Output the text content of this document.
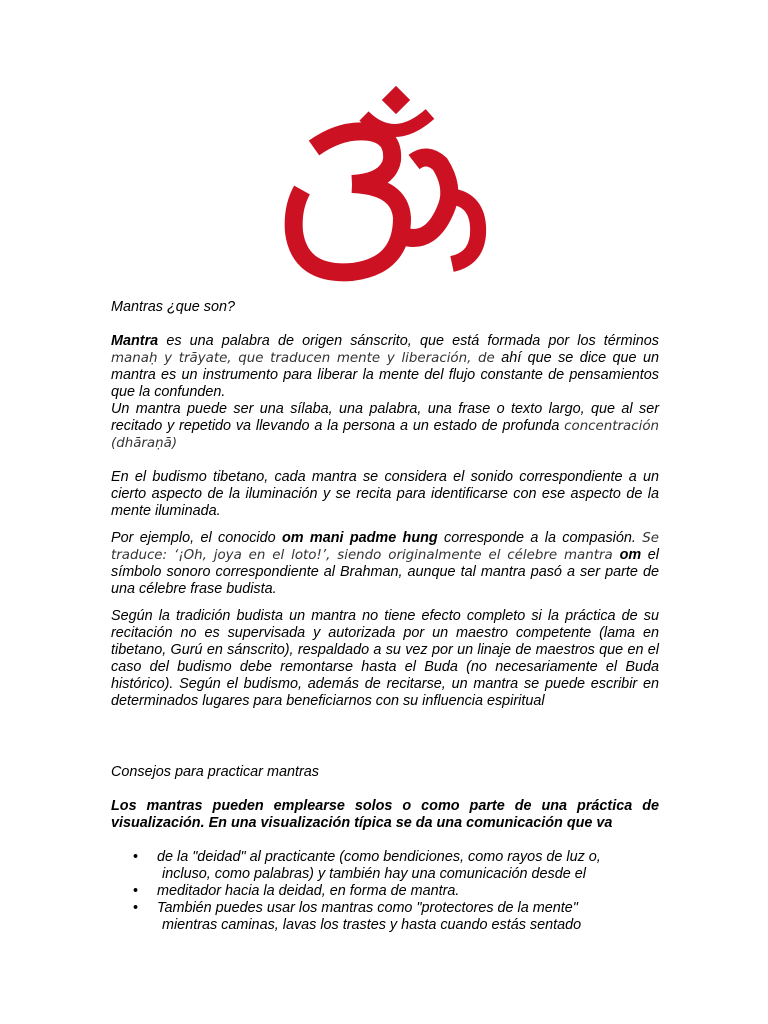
Mantras ¿que son?

Mantra es una palabra de origen sánscrito, que está formada por los términos manaḥ y trāyate, que traducen mente y liberación, de ahí que se dice que un mantra es un instrumento para liberar la mente del flujo constante de pensamientos que la confunden.

Un mantra puede ser una sílaba, una palabra, una frase o texto largo, que al ser recitado y repetido va llevando a la persona a un estado de profunda concentración (dhāraṇā)

En el budismo tibetano, cada mantra se considera el sonido correspondiente a un cierto aspecto de la iluminación y se recita para identificarse con ese aspecto de la mente iluminada.

Por ejemplo, el conocido om mani padme hung corresponde a la compasión. Se traduce: ‘¡Oh, joya en el loto!’, siendo originalmente el célebre mantra om el símbolo sonoro correspondiente al Brahman, aunque tal mantra pasó a ser parte de una célebre frase budista.

Según la tradición budista un mantra no tiene efecto completo si la práctica de su recitación no es supervisada y autorizada por un maestro competente (lama en tibetano, Gurú en sánscrito), respaldado a su vez por un linaje de maestros que en el caso del budismo debe remontarse hasta el Buda (no necesariamente el Buda histórico). Según el budismo, además de recitarse, un mantra se puede escribir en determinados lugares para beneficiarnos con su influencia espiritual

Consejos para practicar mantras

Los mantras pueden emplearse solos o como parte de una práctica de visualización. En una visualización típica se da una comunicación que va

• de la "deidad" al practicante (como bendiciones, como rayos de luz o,
incluso, como palabras) y también hay una comunicación desde el
• meditador hacia la deidad, en forma de mantra.
• También puedes usar los mantras como "protectores de la mente"
mientras caminas, lavas los trastes y hasta cuando estás sentado
